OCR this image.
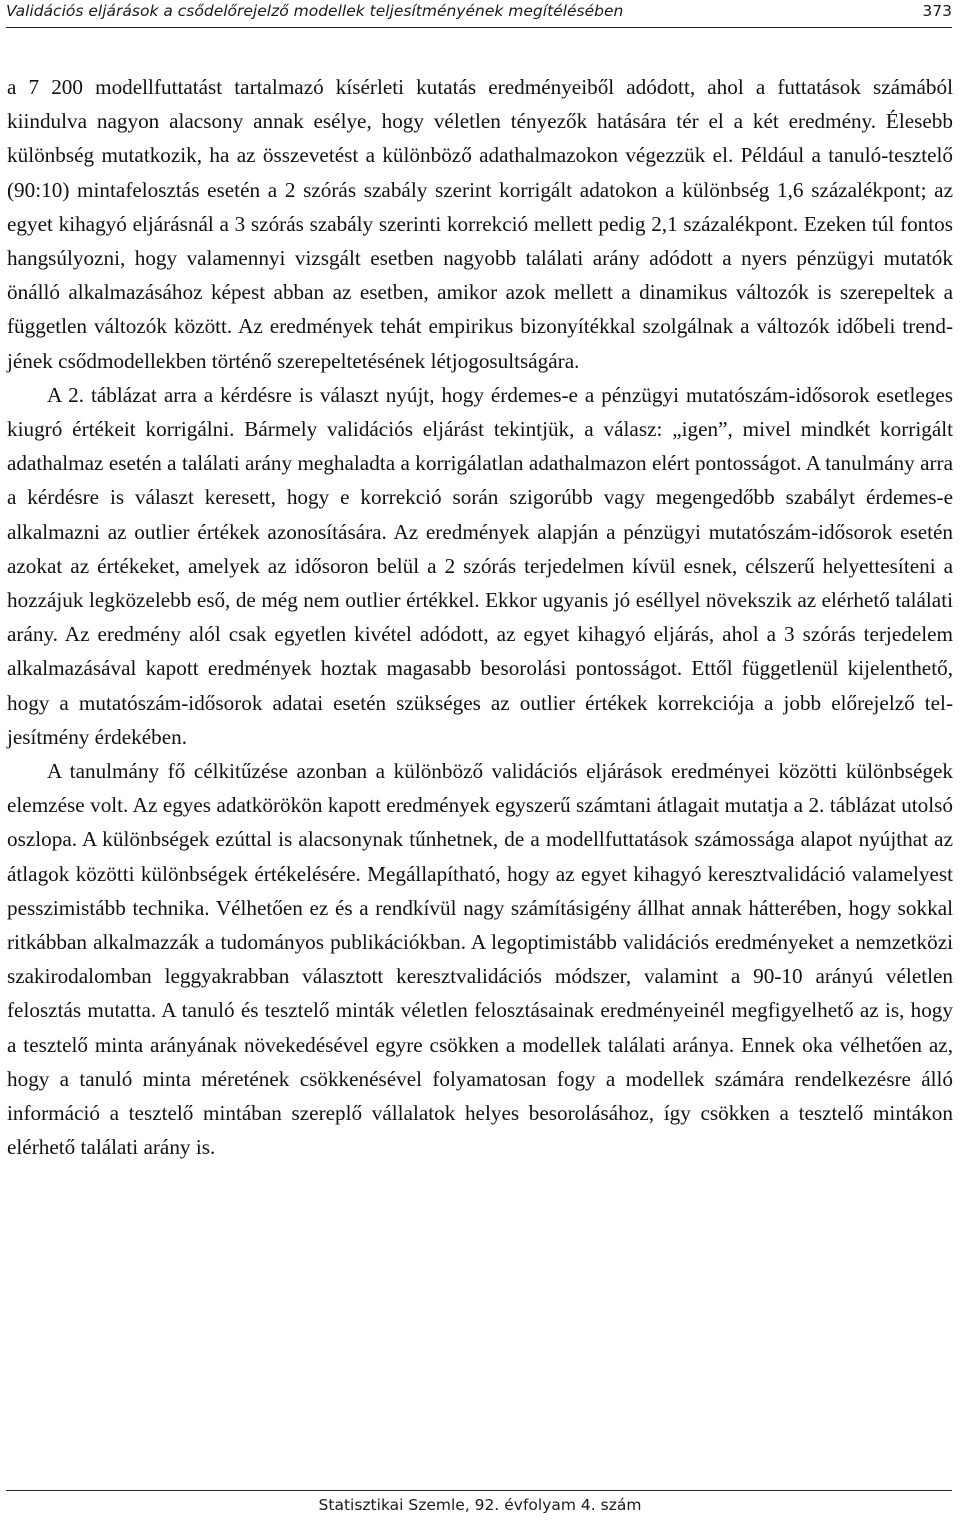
Validációs eljárások a csődelőrejelző modellek teljesítményének megítélésében	373

a 7 200 modellfuttatást tartalmazó kísérleti kutatás eredményeiből adódott, ahol a futtatások számából kiindulva nagyon alacsony annak esélye, hogy véletlen tényezők hatására tér el a két eredmény. Élesebb különbség mutatkozik, ha az összevetést a különböző adathalmazokon végezzük el. Például a tanuló-tesztelő (90:10) mintafelosztás esetén a 2 szórás szabály szerint korrigált adatokon a különbség 1,6 százalékpont; az egyet kihagyó eljárásnál a 3 szórás szabály szerinti korrekció mellett pedig 2,1 százalékpont. Ezeken túl fontos hangsúlyozni, hogy valamennyi vizsgált esetben nagyobb találati arány adódott a nyers pénzügyi mutatók önálló alkalmazásához képest abban az esetben, amikor azok mellett a dinamikus változók is szerepeltek a független változók között. Az eredmények tehát empirikus bizonyítékkal szolgálnak a változók időbeli trendjének csődmodellekben történő szerepeltetésének létjogosultságára.

A 2. táblázat arra a kérdésre is választ nyújt, hogy érdemes-e a pénzügyi mutatószám-idősorok esetleges kiugró értékeit korrigálni. Bármely validációs eljárást tekintjük, a válasz: „igen”, mivel mindkét korrigált adathalmaz esetén a találati arány meghaladta a korrigálatlan adathalmazon elért pontosságot. A tanulmány arra a kérdésre is választ keresett, hogy e korrekció során szigorúbb vagy megengedőbb szabályt érdemes-e alkalmazni az outlier értékek azonosítására. Az eredmények alapján a pénzügyi mutatószám-idősorok esetén azokat az értékeket, amelyek az idősoron belül a 2 szórás terjedelmen kívül esnek, célszerű helyettesíteni a hozzájuk legközelebb eső, de még nem outlier értékkel. Ekkor ugyanis jó eséllyel növekszik az elérhető találati arány. Az eredmény alól csak egyetlen kivétel adódott, az egyet kihagyó eljárás, ahol a 3 szórás terjedelem alkalmazásával kapott eredmények hoztak magasabb besorolási pontosságot. Ettől függetlenül kijelenthető, hogy a mutatószám-idősorok adatai esetén szükséges az outlier értékek korrekciója a jobb előrejelző teljesítmény érdekében.

A tanulmány fő célkitűzése azonban a különböző validációs eljárások eredményei közötti különbségek elemzése volt. Az egyes adatkörökön kapott eredmények egyszerű számtani átlagait mutatja a 2. táblázat utolsó oszlopa. A különbségek ezúttal is alacsonynak tűnhetnek, de a modellfuttatások számossága alapot nyújthat az átlagok közötti különbségek értékelésére. Megállapítható, hogy az egyet kihagyó keresztvalidáció valamelyest pesszimistább technika. Vélhetően ez és a rendkívül nagy számításigény állhat annak hátterében, hogy sokkal ritkábban alkalmazzák a tudományos publikációkban. A legoptimistább validációs eredményeket a nemzetközi szakirodalomban leggyakrabban választott keresztvalidációs módszer, valamint a 90-10 arányú véletlen felosztás mutatta. A tanuló és tesztelő minták véletlen felosztásainak eredményeinél megfigyelhető az is, hogy a tesztelő minta arányának növekedésével egyre csökken a modellek találati aránya. Ennek oka vélhetően az, hogy a tanuló minta méretének csökkenésével folyamatosan fogy a modellek számára rendelkezésre álló információ a tesztelő mintában szereplő vállalatok helyes besorolásához, így csökken a tesztelő mintákon elérhető találati arány is.

Statisztikai Szemle, 92. évfolyam 4. szám
